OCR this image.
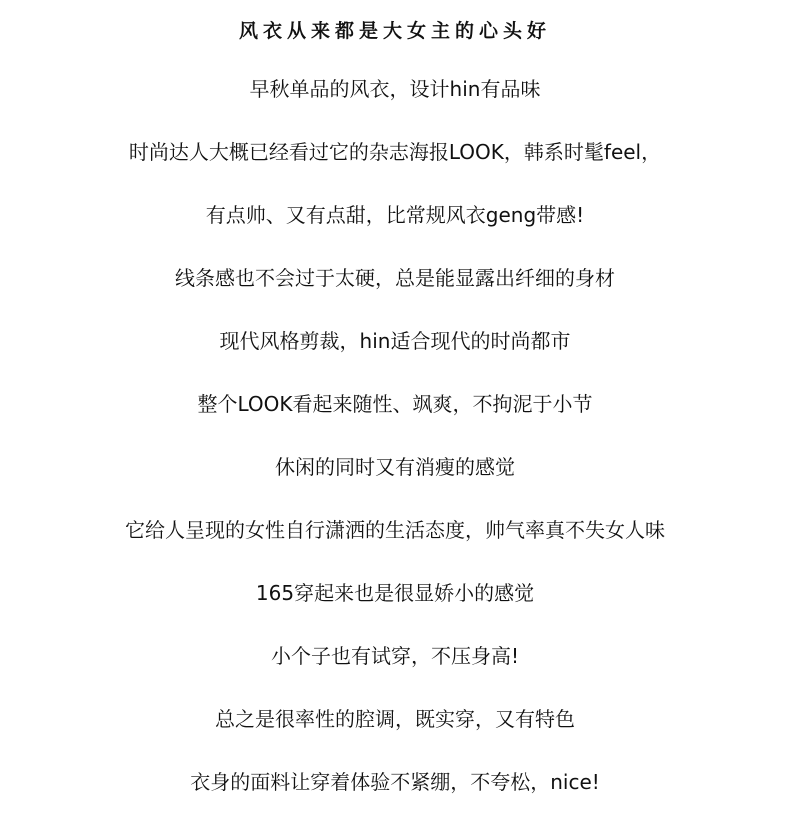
风衣从来都是大女主的心头好
早秋单品的风衣，设计hin有品味
时尚达人大概已经看过它的杂志海报LOOK，韩系时髦feel，
有点帅、又有点甜，比常规风衣geng带感!
线条感也不会过于太硬，总是能显露出纤细的身材
现代风格剪裁，hin适合现代的时尚都市
整个LOOK看起来随性、飒爽，不拘泥于小节
休闲的同时又有消瘦的感觉
它给人呈现的女性自行潇洒的生活态度，帅气率真不失女人味
165穿起来也是很显娇小的感觉
小个子也有试穿，不压身高!
总之是很率性的腔调，既实穿，又有特色
衣身的面料让穿着体验不紧绷，不夸松，nice!
